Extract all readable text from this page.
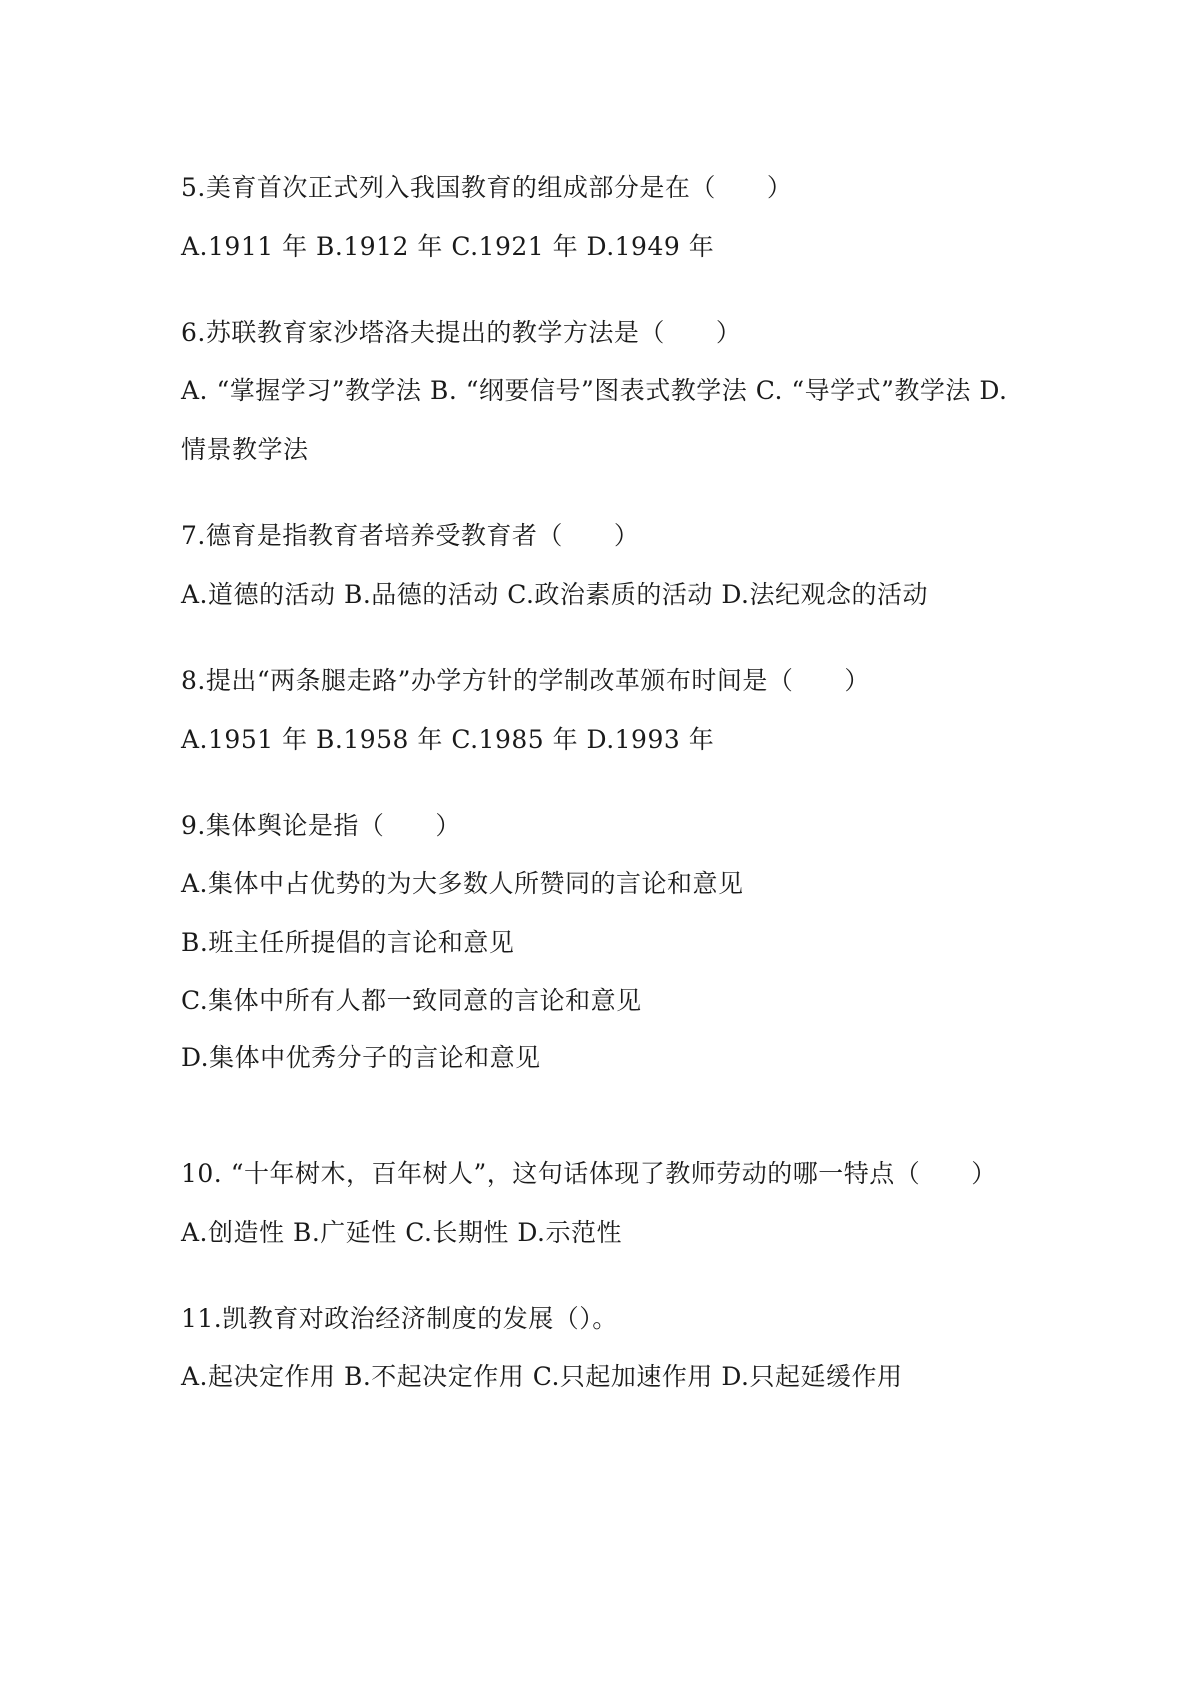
5.美育首次正式列入我国教育的组成部分是在（　　）
A.1911 年 B.1912 年 C.1921 年 D.1949 年
6.苏联教育家沙塔洛夫提出的教学方法是（　　）
A. “掌握学习”教学法 B. “纲要信号”图表式教学法 C. “导学式”教学法 D.
情景教学法
7.德育是指教育者培养受教育者（　　）
A.道德的活动 B.品德的活动 C.政治素质的活动 D.法纪观念的活动
8.提出“两条腿走路”办学方针的学制改革颁布时间是（　　）
A.1951 年 B.1958 年 C.1985 年 D.1993 年
9.集体舆论是指（　　）
A.集体中占优势的为大多数人所赞同的言论和意见
B.班主任所提倡的言论和意见
C.集体中所有人都一致同意的言论和意见
D.集体中优秀分子的言论和意见
10. “十年树木，百年树人”，这句话体现了教师劳动的哪一特点（　　）
A.创造性 B.广延性 C.长期性 D.示范性
11.凯教育对政治经济制度的发展（）。
A.起决定作用 B.不起决定作用 C.只起加速作用 D.只起延缓作用
